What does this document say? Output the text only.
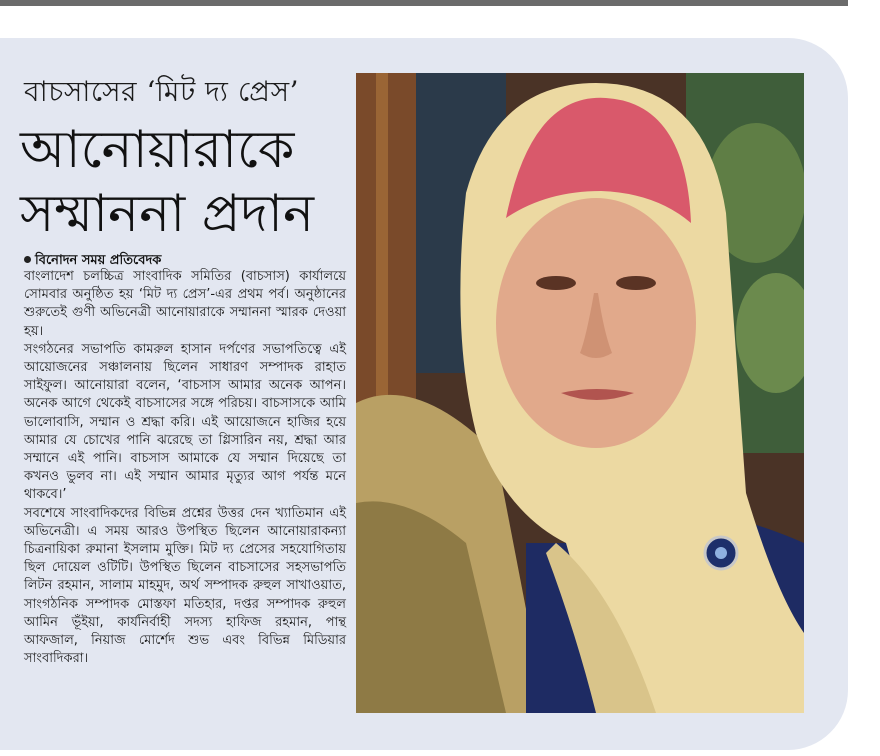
বাচসাসের ‘মিট দ্য প্রেস’
আনোয়ারাকে
সম্মাননা প্রদান
বিনোদন সময় প্রতিবেদক

বাংলাদেশ চলচ্চিত্র সাংবাদিক সমিতির (বাচসাস) কার্যালয়ে সোমবার অনুষ্ঠিত হয় ‘মিট দ্য প্রেস’-এর প্রথম পর্ব। অনুষ্ঠানের শুরুতেই গুণী অভিনেত্রী আনোয়ারাকে সম্মাননা স্মারক দেওয়া হয়।

সংগঠনের সভাপতি কামরুল হাসান দর্পণের সভাপতিত্বে এই আয়োজনের সঞ্চালনায় ছিলেন সাধারণ সম্পাদক রাহাত সাইফুল। আনোয়ারা বলেন, ‘বাচসাস আমার অনেক আপন। অনেক আগে থেকেই বাচসাসের সঙ্গে পরিচয়। বাচসাসকে আমি ভালোবাসি, সম্মান ও শ্রদ্ধা করি। এই আয়োজনে হাজির হয়ে আমার যে চোখের পানি ঝরেছে তা গ্লিসারিন নয়, শ্রদ্ধা আর সম্মানে এই পানি। বাচসাস আমাকে যে সম্মান দিয়েছে তা কখনও ভুলব না। এই সম্মান আমার মৃত্যুর আগ পর্যন্ত মনে থাকবে।’

সবশেষে সাংবাদিকদের বিভিন্ন প্রশ্নের উত্তর দেন খ্যাতিমান এই অভিনেত্রী। এ সময় আরও উপস্থিত ছিলেন আনোয়ারাকন্যা চিত্রনায়িকা রুমানা ইসলাম মুক্তি। মিট দ্য প্রেসের সহযোগিতায় ছিল দোয়েল ওটিটি। উপস্থিত ছিলেন বাচসাসের সহসভাপতি লিটন রহমান, সালাম মাহমুদ, অর্থ সম্পাদক রুহুল সাখাওয়াত, সাংগঠনিক সম্পাদক মোস্তফা মতিহার, দপ্তর সম্পাদক রুহুল আমিন ভূঁইয়া, কার্যনির্বাহী সদস্য হাফিজ রহমান, পান্থ আফজাল, নিয়াজ মোর্শেদ শুভ এবং বিভিন্ন মিডিয়ার সাংবাদিকরা।
